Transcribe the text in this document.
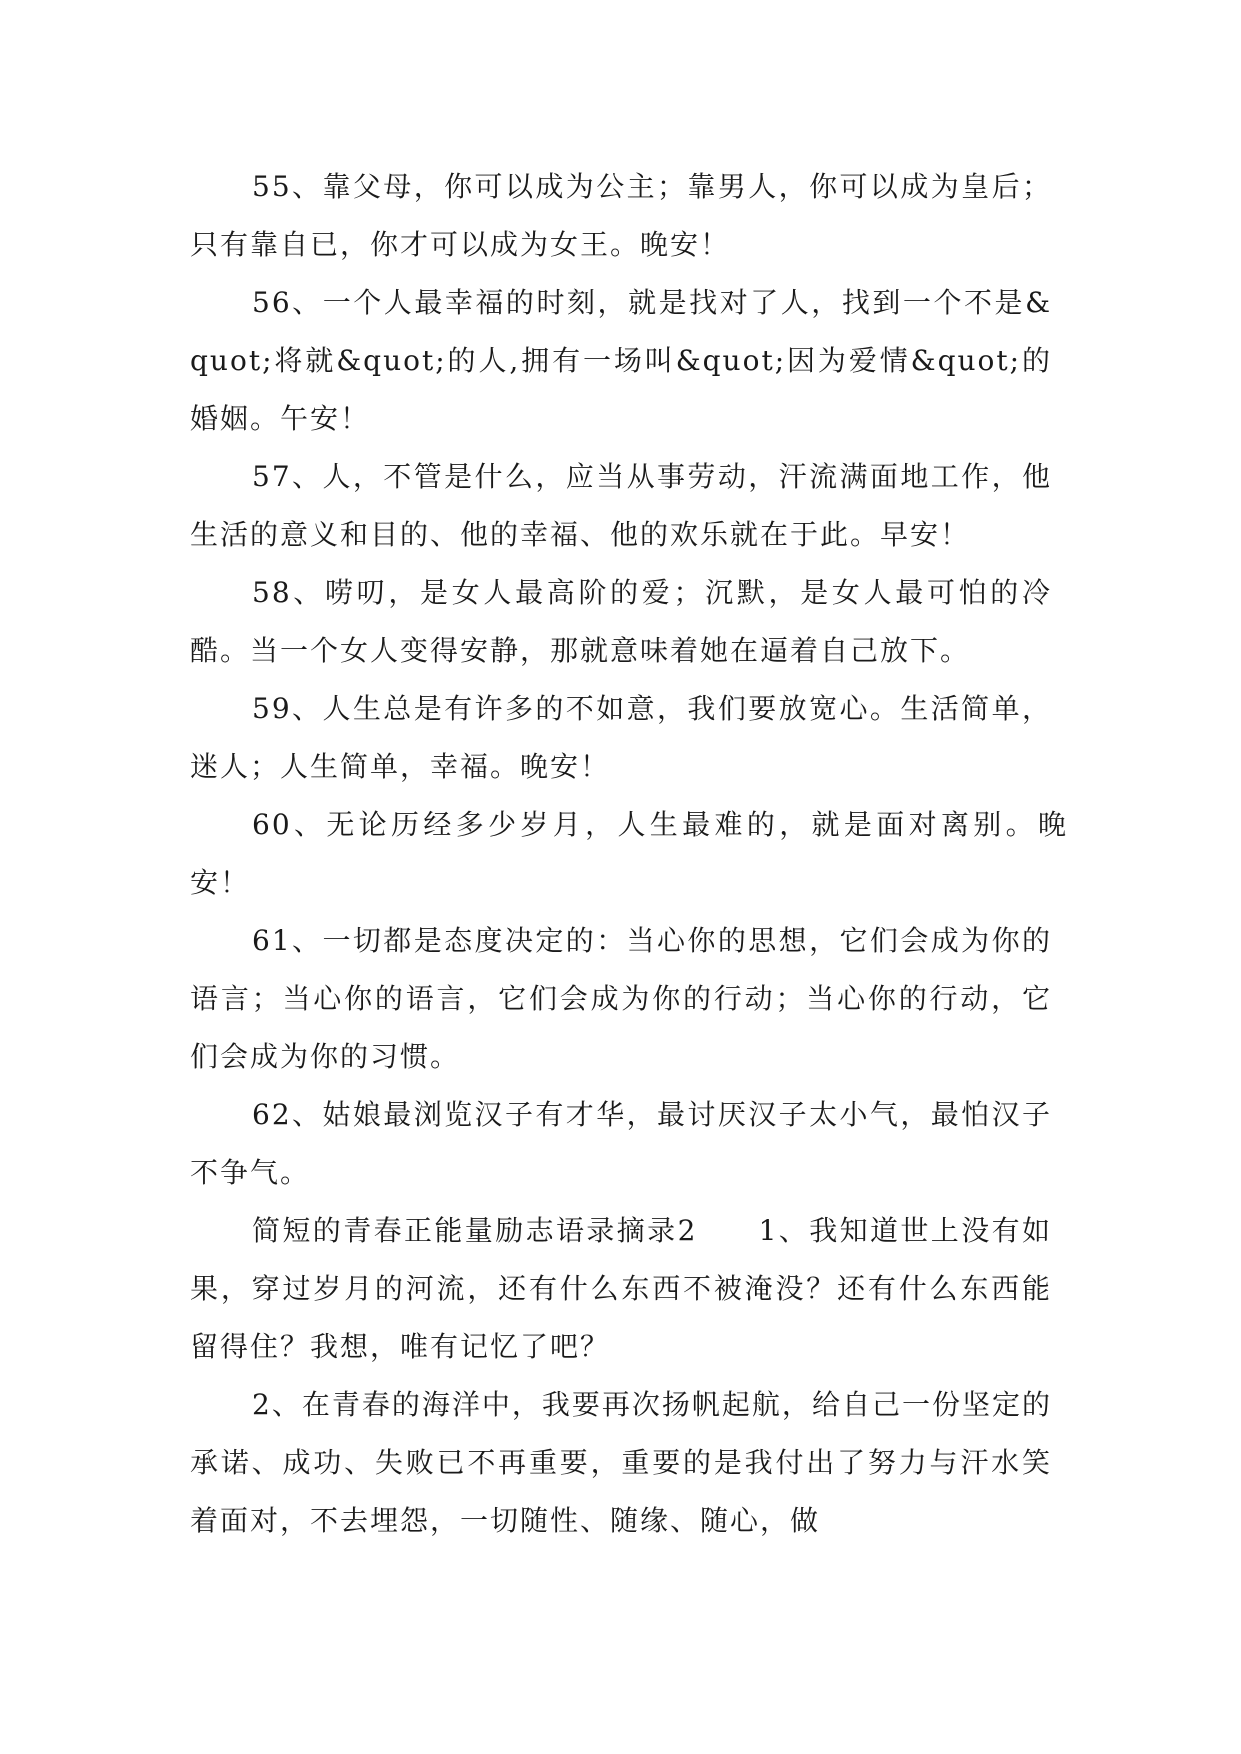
55、靠父母，你可以成为公主；靠男人，你可以成为皇后；只有靠自已，你才可以成为女王。晚安！

56、一个人最幸福的时刻，就是找对了人，找到一个不是&quot;将就&quot;的人,拥有一场叫&quot;因为爱情&quot;的婚姻。午安！

57、人，不管是什么，应当从事劳动，汗流满面地工作，他生活的意义和目的、他的幸福、他的欢乐就在于此。早安！

58、唠叨，是女人最高阶的爱；沉默，是女人最可怕的冷酷。当一个女人变得安静，那就意味着她在逼着自己放下。

59、人生总是有许多的不如意，我们要放宽心。生活简单，迷人；人生简单，幸福。晚安！

60、无论历经多少岁月，人生最难的，就是面对离别。晚安！

61、一切都是态度决定的：当心你的思想，它们会成为你的语言；当心你的语言，它们会成为你的行动；当心你的行动，它们会成为你的习惯。

62、姑娘最浏览汉子有才华，最讨厌汉子太小气，最怕汉子不争气。

简短的青春正能量励志语录摘录2　　1、我知道世上没有如果，穿过岁月的河流，还有什么东西不被淹没？还有什么东西能留得住？我想，唯有记忆了吧？

2、在青春的海洋中，我要再次扬帆起航，给自己一份坚定的承诺、成功、失败已不再重要，重要的是我付出了努力与汗水笑着面对，不去埋怨，一切随性、随缘、随心，做
